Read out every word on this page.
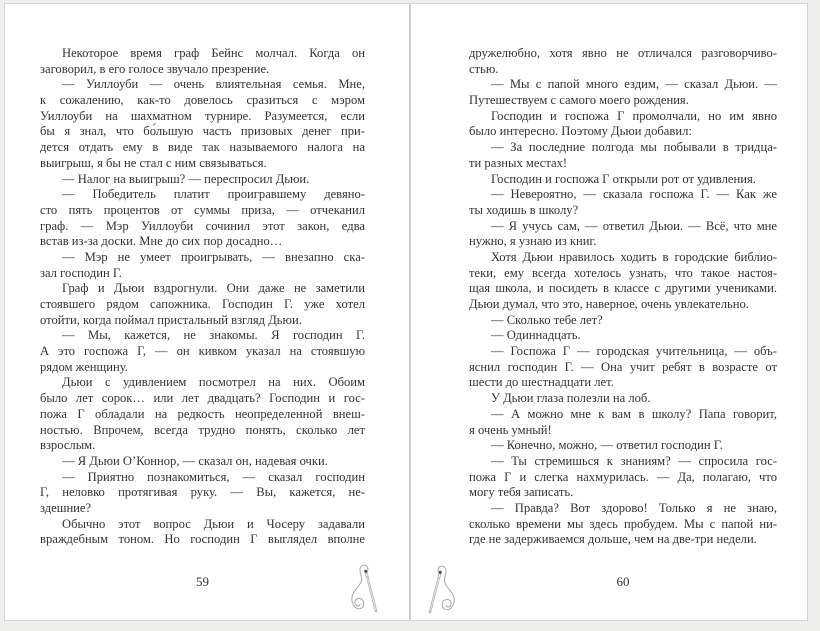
Некоторое время граф Бейнс молчал. Когда он
заговорил, в его голосе звучало презрение.
— Уиллоуби — очень влиятельная семья. Мне,
к сожалению, как-то довелось сразиться с мэром
Уиллоуби на шахматном турнире. Разумеется, если
бы я знал, что бо́льшую часть призовых денег при-
дется отдать ему в виде так называемого налога на
выигрыш, я бы не стал с ним связываться.
— Налог на выигрыш? — переспросил Дьюи.
— Победитель платит проигравшему девяно-
сто пять процентов от суммы приза, — отчеканил
граф. — Мэр Уиллоуби сочинил этот закон, едва
встав из-за доски. Мне до сих пор досадно…
— Мэр не умеет проигрывать, — внезапно ска-
зал господин Г.
Граф и Дьюи вздрогнули. Они даже не заметили
стоявшего рядом сапожника. Господин Г. уже хотел
отойти, когда поймал пристальный взгляд Дьюи.
— Мы, кажется, не знакомы. Я господин Г.
А это госпожа Г, — он кивком указал на стоявшую
рядом женщину.
Дьюи с удивлением посмотрел на них. Обоим
было лет сорок… или лет двадцать? Господин и гос-
пожа Г обладали на редкость неопределенной внеш-
ностью. Впрочем, всегда трудно понять, сколько лет
взрослым.
— Я Дьюи О’Коннор, — сказал он, надевая очки.
— Приятно познакомиться, — сказал господин
Г, неловко протягивая руку. — Вы, кажется, не-
здешние?
Обычно этот вопрос Дьюи и Чосеру задавали
враждебным тоном. Но господин Г выглядел вполне
59
дружелюбно, хотя явно не отличался разговорчиво-
стью.
— Мы с папой много ездим, — сказал Дьюи. —
Путешествуем с самого моего рождения.
Господин и госпожа Г промолчали, но им явно
было интересно. Поэтому Дьюи добавил:
— За последние полгода мы побывали в тридца-
ти разных местах!
Господин и госпожа Г открыли рот от удивления.
— Невероятно, — сказала госпожа Г. — Как же
ты ходишь в школу?
— Я учусь сам, — ответил Дьюи. — Всё, что мне
нужно, я узнаю из книг.
Хотя Дьюи нравилось ходить в городские библио-
теки, ему всегда хотелось узнать, что такое настоя-
щая школа, и посидеть в классе с другими учениками.
Дьюи думал, что это, наверное, очень увлекательно.
— Сколько тебе лет?
— Одиннадцать.
— Госпожа Г — городская учительница, — объ-
яснил господин Г. — Она учит ребят в возрасте от
шести до шестнадцати лет.
У Дьюи глаза полезли на лоб.
— А можно мне к вам в школу? Папа говорит,
я очень умный!
— Конечно, можно, — ответил господин Г.
— Ты стремишься к знаниям? — спросила гос-
пожа Г и слегка нахмурилась. — Да, полагаю, что
могу тебя записать.
— Правда? Вот здорово! Только я не знаю,
сколько времени мы здесь пробудем. Мы с папой ни-
где не задерживаемся дольше, чем на две-три недели.
60
